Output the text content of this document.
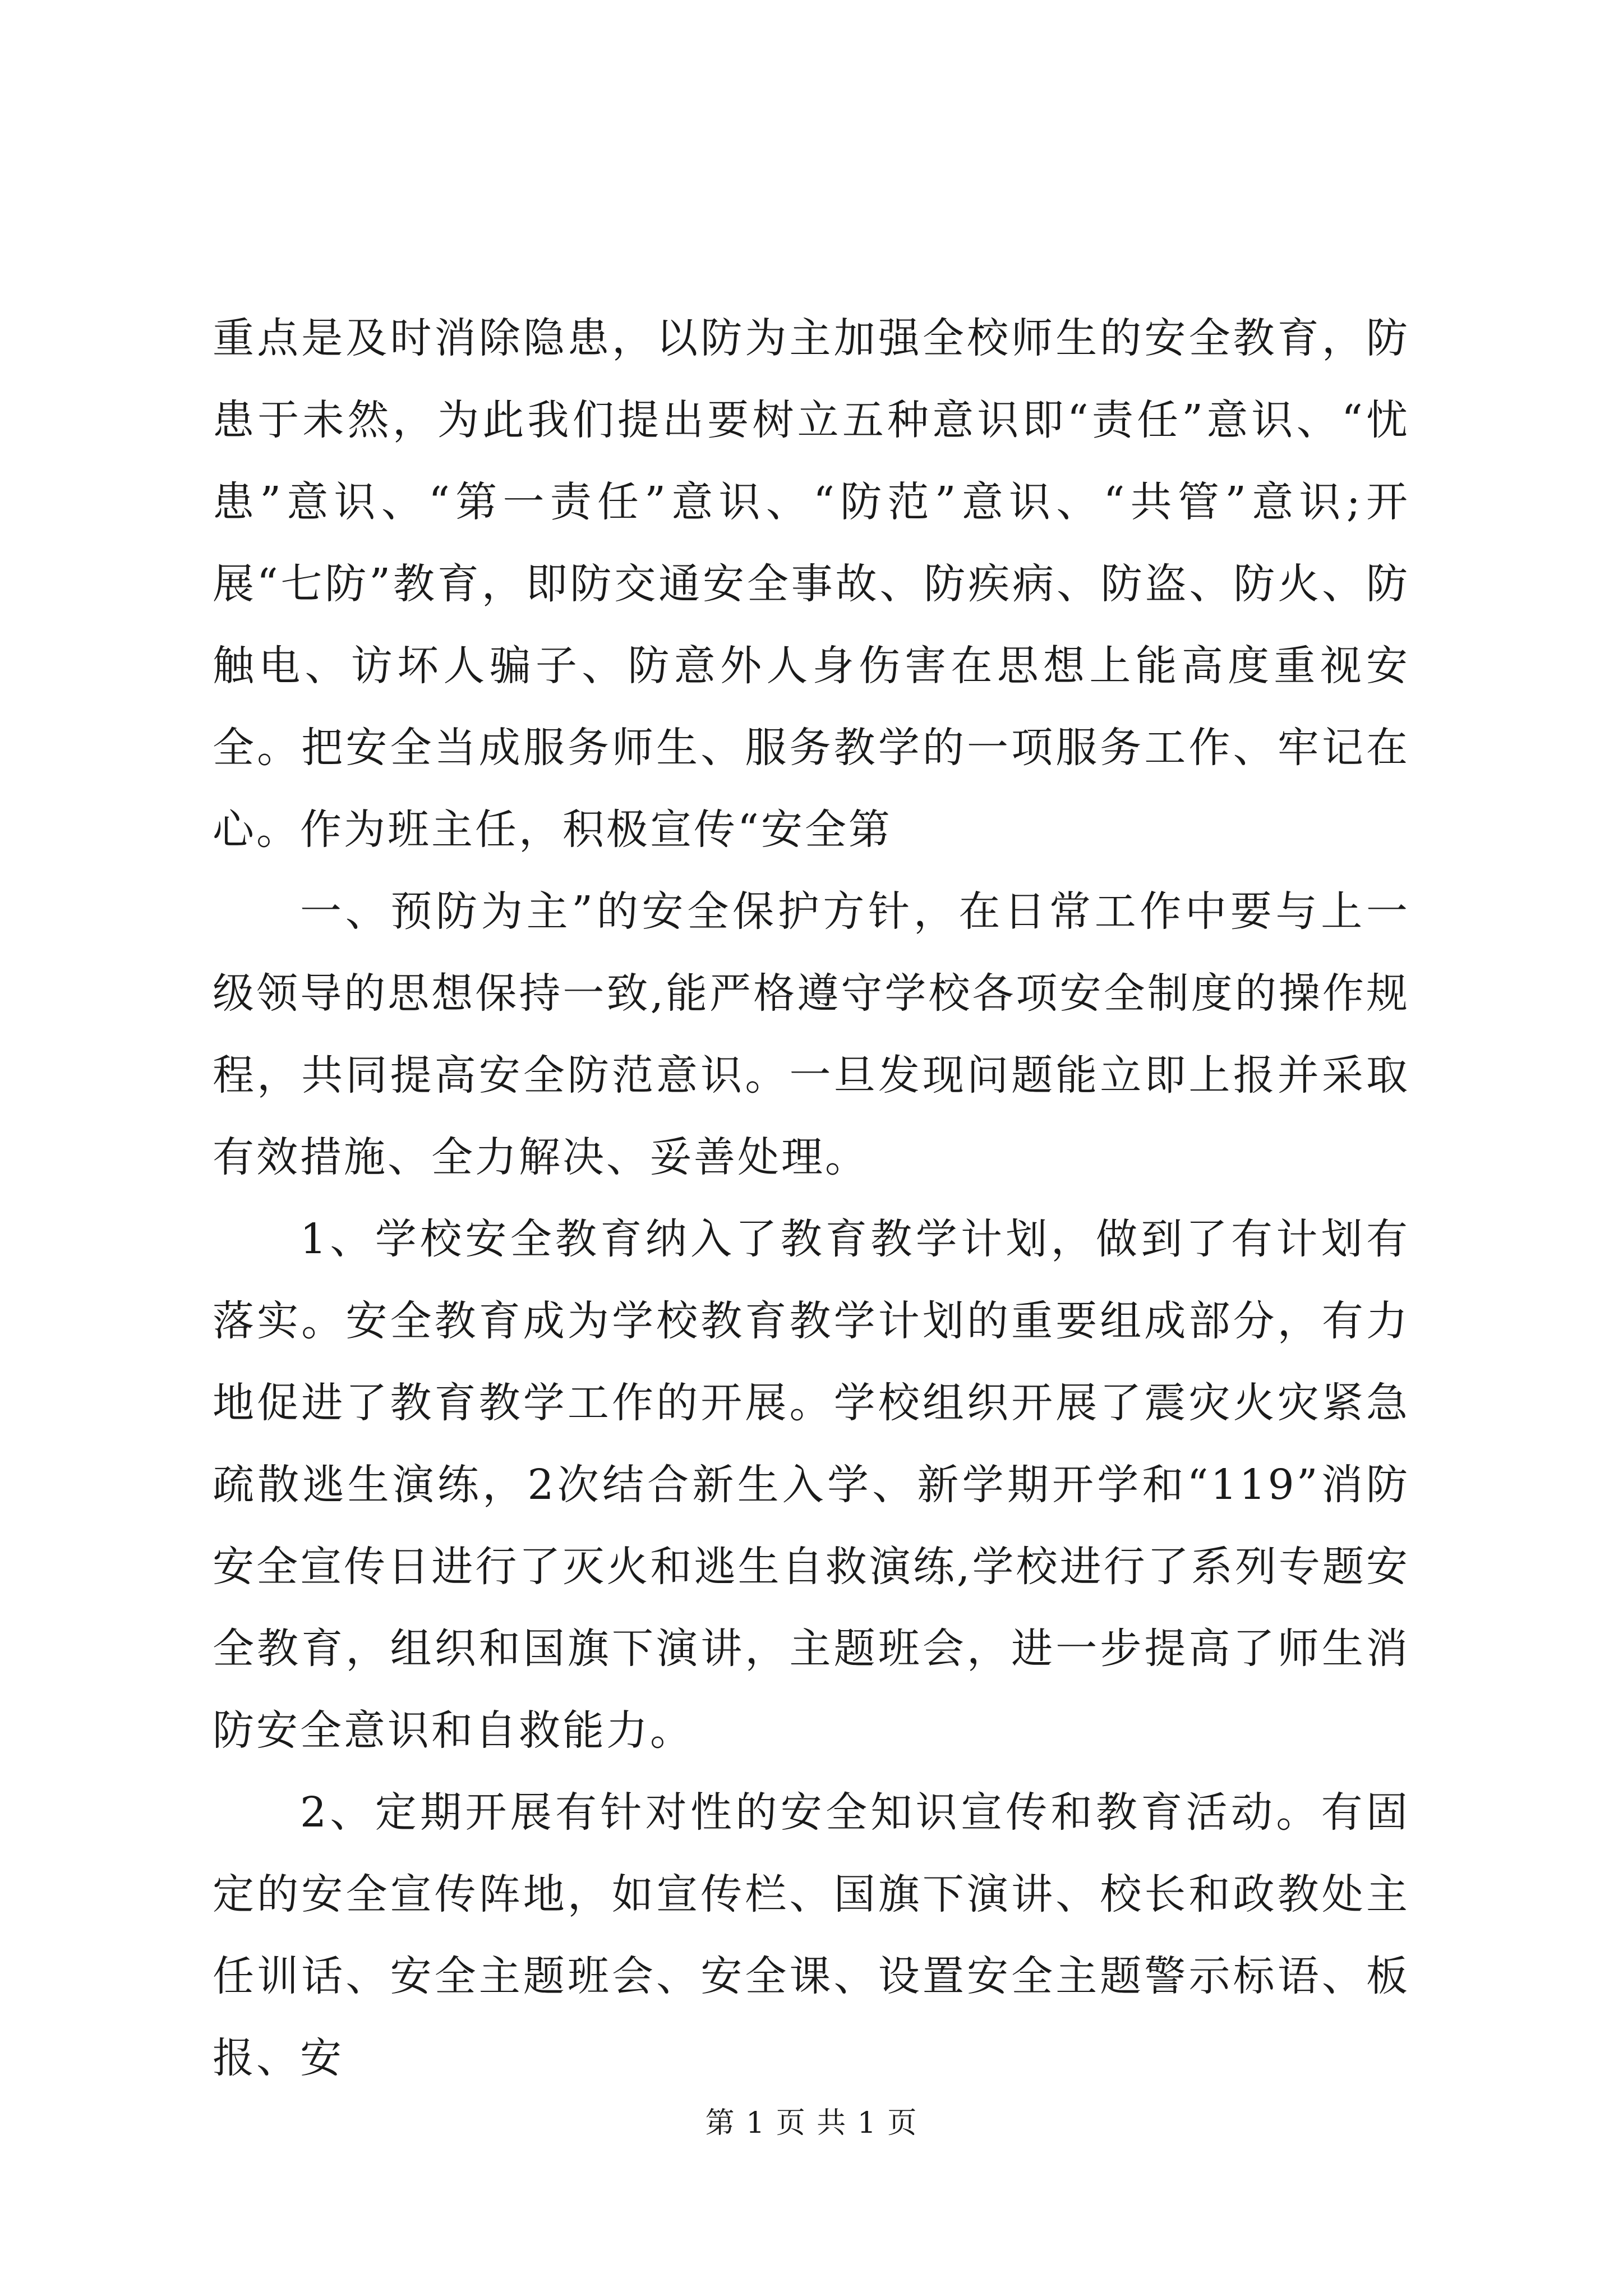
重点是及时消除隐患，以防为主加强全校师生的安全教育，防患于未然，为此我们提出要树立五种意识即“责任”意识、“忧患”意识、“第一责任”意识、“防范”意识、“共管”意识;开展“七防”教育，即防交通安全事故、防疾病、防盗、防火、防触电、访坏人骗子、防意外人身伤害在思想上能高度重视安全。把安全当成服务师生、服务教学的一项服务工作、牢记在心。作为班主任，积极宣传“安全第

一、预防为主”的安全保护方针，在日常工作中要与上一级领导的思想保持一致,能严格遵守学校各项安全制度的操作规程，共同提高安全防范意识。一旦发现问题能立即上报并采取有效措施、全力解决、妥善处理。

1、学校安全教育纳入了教育教学计划，做到了有计划有落实。安全教育成为学校教育教学计划的重要组成部分，有力地促进了教育教学工作的开展。学校组织开展了震灾火灾紧急疏散逃生演练，2次结合新生入学、新学期开学和“119”消防安全宣传日进行了灭火和逃生自救演练,学校进行了系列专题安全教育，组织和国旗下演讲，主题班会，进一步提高了师生消防安全意识和自救能力。

2、定期开展有针对性的安全知识宣传和教育活动。有固定的安全宣传阵地，如宣传栏、国旗下演讲、校长和政教处主任训话、安全主题班会、安全课、设置安全主题警示标语、板报、安

第 1 页 共 1 页
